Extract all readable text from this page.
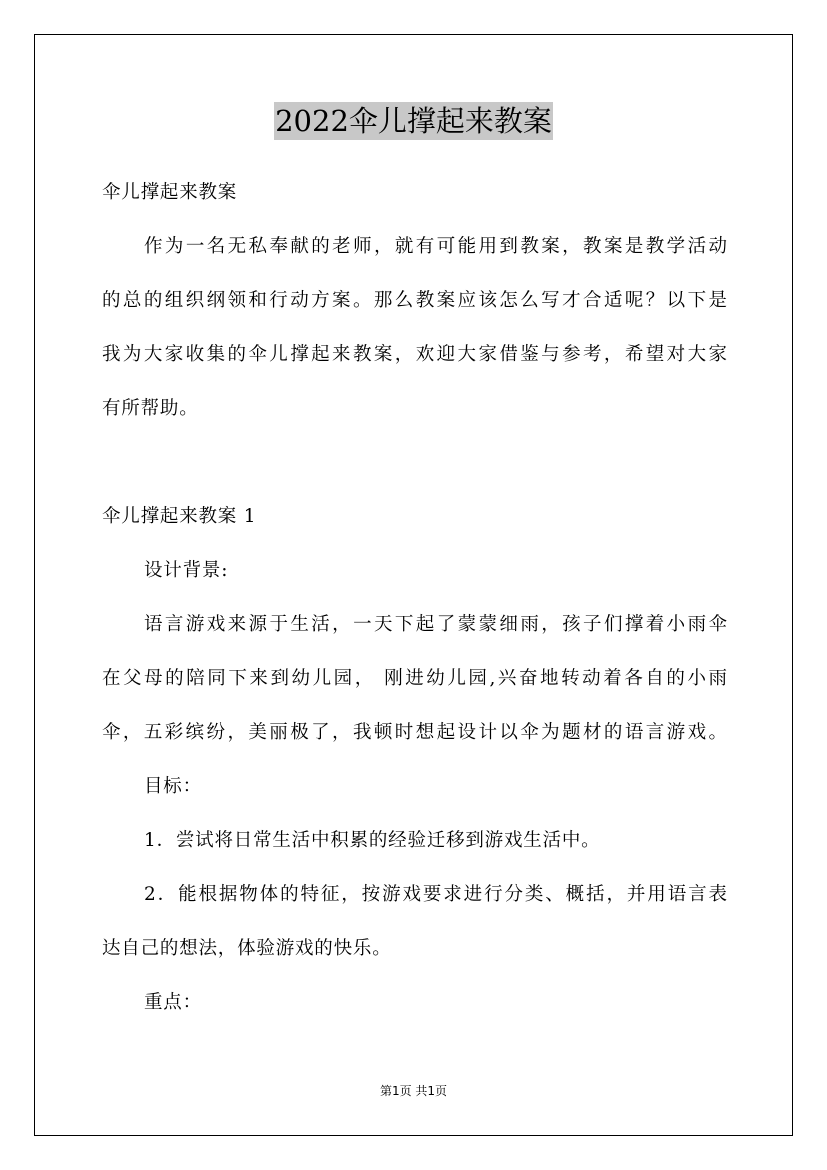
2022伞儿撑起来教案
伞儿撑起来教案
作为一名无私奉献的老师，就有可能用到教案，教案是教学活动
的总的组织纲领和行动方案。那么教案应该怎么写才合适呢？以下是
我为大家收集的伞儿撑起来教案，欢迎大家借鉴与参考，希望对大家
有所帮助。
伞儿撑起来教案 1
设计背景:
语言游戏来源于生活，一天下起了蒙蒙细雨，孩子们撑着小雨伞
在父母的陪同下来到幼儿园， 刚进幼儿园,兴奋地转动着各自的小雨
伞，五彩缤纷，美丽极了，我顿时想起设计以伞为题材的语言游戏。
目标：
1．尝试将日常生活中积累的经验迁移到游戏生活中。
2．能根据物体的特征，按游戏要求进行分类、概括，并用语言表
达自己的想法，体验游戏的快乐。
重点：
第1页 共1页
